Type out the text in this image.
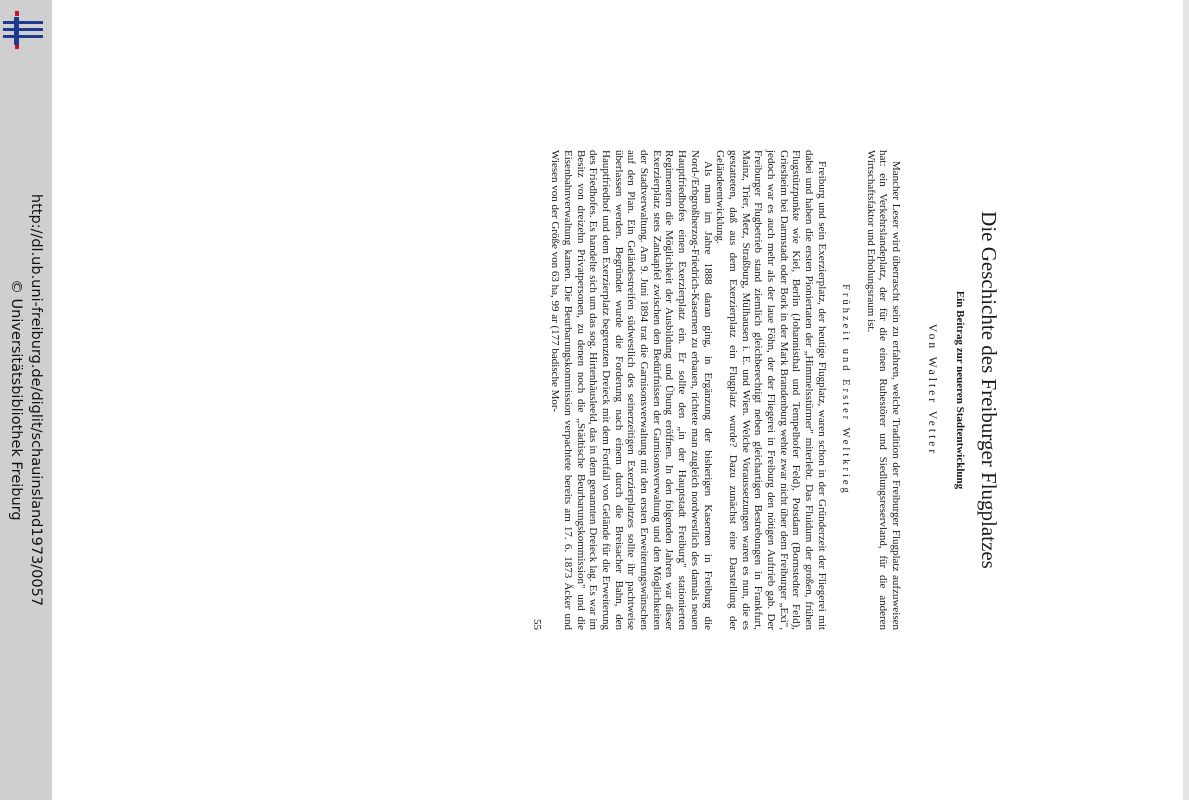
http://dl.ub.uni-freiburg.de/diglit/schauinsland1973/0057
© Universitätsbibliothek Freiburg	Die Geschichte des Freiburger Flugplatzes
Ein Beitrag zur neueren Stadtentwicklung
Von Walter Vetter

Mancher Leser wird überrascht sein zu erfahren, welche Tradition der Freiburger Flugplatz aufzuweisen hat: ein Verkehrslandeplatz, der für die einen Ruhestörer und Siedlungsreservland, für die anderen Wirtschaftsfaktor und Erholungsraum ist.

Frühzeit und Erster Weltkrieg

Freiburg und sein Exerzierplatz, der heutige Flugplatz, waren schon in der Gründerzeit der Fliegerei mit dabei und haben die ersten Pioniertaten der „Himmelsstürmer" miterlebt. Das Fluidum der großen, frühen Flugstützpunkte wie Kiel, Berlin (Johannisthal und Tempelhofer Feld), Potsdam (Bornstedter Feld), Griesheim bei Darmstadt oder Bork in der Mark Brandenburg wehte zwar nicht über dem Freiburger „Exi", jedoch war es auch mehr als der laue Föhn, der der Fliegerei in Freiburg den nötigen Auftrieb gab. Der Freiburger Flugbetrieb stand ziemlich gleichberechtigt neben gleichartigen Bestrebungen in Frankfurt, Mainz, Trier, Metz, Straßburg, Mülhausen i. E. und Wien. Welche Voraussetzungen waren es nun, die es gestatteten, daß aus dem Exerzierplatz ein Flugplatz wurde? Dazu zunächst eine Darstellung der Geländeentwicklung.

Als man im Jahre 1888 daran ging, in Ergänzung der bisherigen Kasernen in Freiburg die Nord-/Erbgroßherzog-Friedrich-Kasernen zu erbauen, richtete man zugleich nordwestlich des damals neuen Hauptfriedhofes einen Exerzierplatz ein. Er sollte den „in der Hauptstadt Freiburg" stationierten Regimentern die Möglichkeit der Ausbildung und Übung eröffnen. In den folgenden Jahren war dieser Exerzierplatz stets Zankapfel zwischen den Bedürfnissen der Garnisonsverwaltung und den Möglichkeiten der Stadtverwaltung. Am 9. Juni 1894 trat die Garnisonsverwaltung mit den ersten Erweiterungswünschen auf den Plan. Ein Geländestreifen südwestlich des seinerzeitigen Exerzierplatzes sollte ihr pachtweise überlassen werden. Begründet wurde die Forderung nach einem durch die Breisacher Bahn, den Hauptfriedhof und dem Exerzierplatz begrenzten Dreieck mit dem Fortfall von Gelände für die Erweiterung des Friedhofes. Es handelte sich um das sog. Hirtenhäusleeld, das in dem genannten Dreieck lag. Es war im Besitz von dreizehn Privatpersonen, zu denen noch die „Städtische Beurbarungskommission" und die Eisenbahnverwaltung kamen. Die Beurbarungskommission verpachtete bereits am 17. 6. 1873 Äcker und Wiesen von der Größe von 63 ha, 99 ar (177 badische Mor-

55
